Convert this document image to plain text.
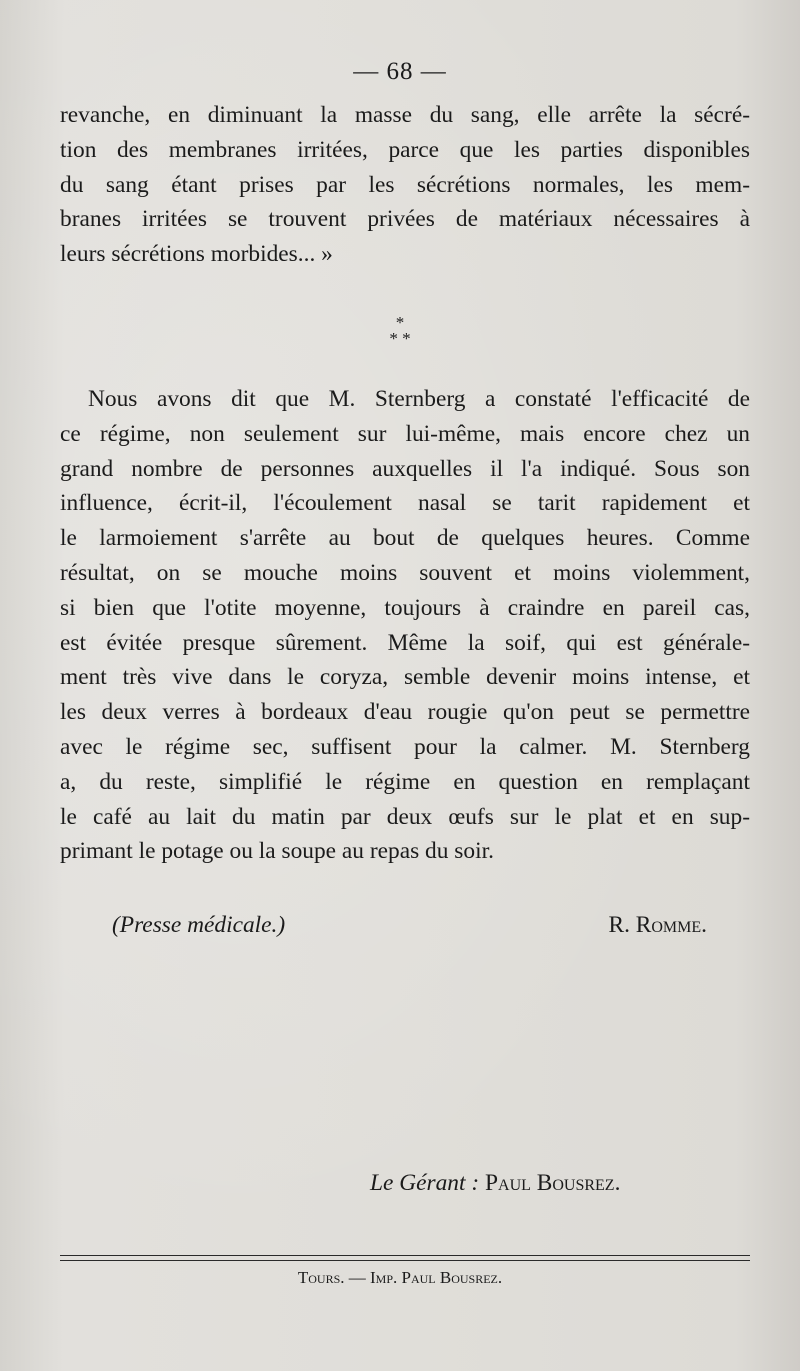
— 68 —
revanche, en diminuant la masse du sang, elle arrête la sécré-
tion des membranes irritées, parce que les parties disponibles
du sang étant prises par les sécrétions normales, les mem-
branes irritées se trouvent privées de matériaux nécessaires à
leurs sécrétions morbides... »
*
* *
Nous avons dit que M. Sternberg a constaté l'efficacité de
ce régime, non seulement sur lui-même, mais encore chez un
grand nombre de personnes auxquelles il l'a indiqué. Sous son
influence, écrit-il, l'écoulement nasal se tarit rapidement et
le larmoiement s'arrête au bout de quelques heures. Comme
résultat, on se mouche moins souvent et moins violemment,
si bien que l'otite moyenne, toujours à craindre en pareil cas,
est évitée presque sûrement. Même la soif, qui est générale-
ment très vive dans le coryza, semble devenir moins intense, et
les deux verres à bordeaux d'eau rougie qu'on peut se permettre
avec le régime sec, suffisent pour la calmer. M. Sternberg
a, du reste, simplifié le régime en question en remplaçant
le café au lait du matin par deux œufs sur le plat et en sup-
primant le potage ou la soupe au repas du soir.
(Presse médicale.)	R. Romme.
Le Gérant : Paul Bousrez.
Tours. — Imp. Paul Bousrez.
